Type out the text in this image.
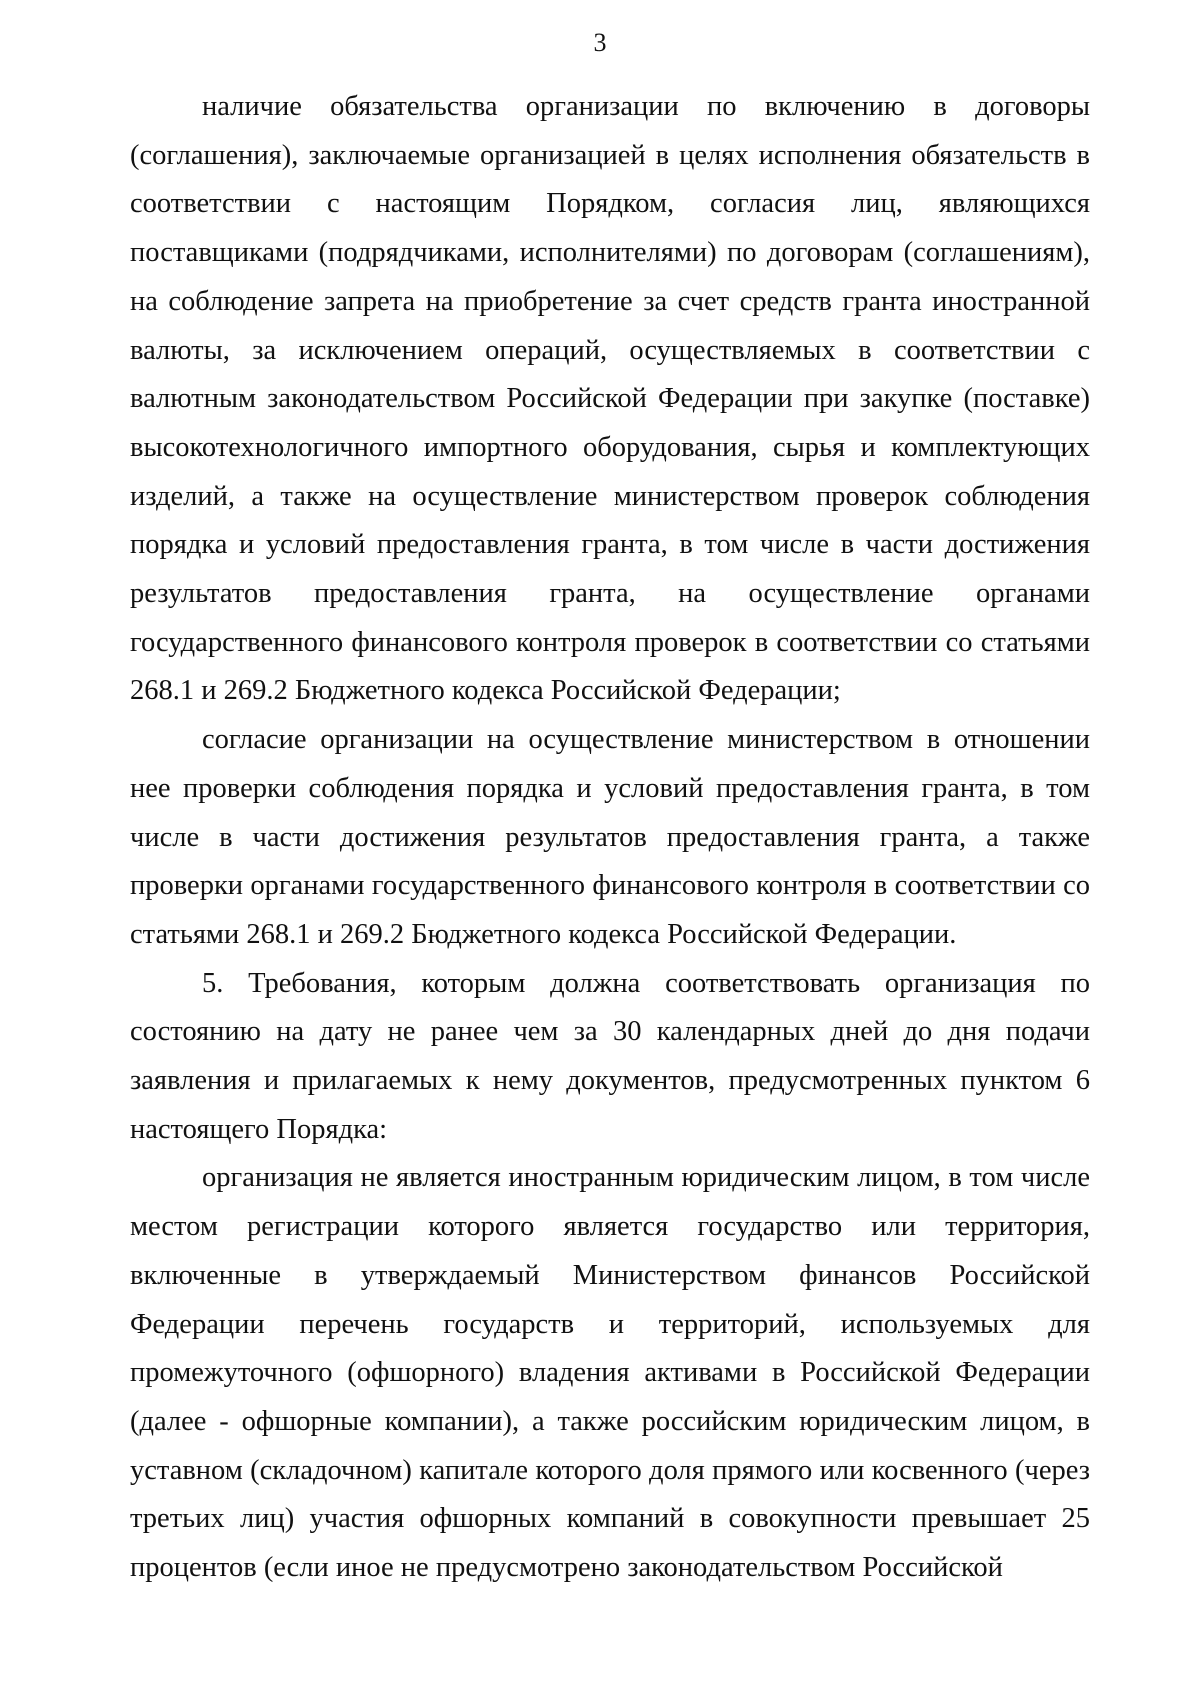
3

наличие обязательства организации по включению в договоры (соглашения), заключаемые организацией в целях исполнения обязательств в соответствии с настоящим Порядком, согласия лиц, являющихся поставщиками (подрядчиками, исполнителями) по договорам (соглашениям), на соблюдение запрета на приобретение за счет средств гранта иностранной валюты, за исключением операций, осуществляемых в соответствии с валютным законодательством Российской Федерации при закупке (поставке) высокотехнологичного импортного оборудования, сырья и комплектующих изделий, а также на осуществление министерством проверок соблюдения порядка и условий предоставления гранта, в том числе в части достижения результатов предоставления гранта, на осуществление органами государственного финансового контроля проверок в соответствии со статьями 268.1 и 269.2 Бюджетного кодекса Российской Федерации;

согласие организации на осуществление министерством в отношении нее проверки соблюдения порядка и условий предоставления гранта, в том числе в части достижения результатов предоставления гранта, а также проверки органами государственного финансового контроля в соответствии со статьями 268.1 и 269.2 Бюджетного кодекса Российской Федерации.

5. Требования, которым должна соответствовать организация по состоянию на дату не ранее чем за 30 календарных дней до дня подачи заявления и прилагаемых к нему документов, предусмотренных пунктом 6 настоящего Порядка:

организация не является иностранным юридическим лицом, в том числе местом регистрации которого является государство или территория, включенные в утверждаемый Министерством финансов Российской Федерации перечень государств и территорий, используемых для промежуточного (офшорного) владения активами в Российской Федерации (далее - офшорные компании), а также российским юридическим лицом, в уставном (складочном) капитале которого доля прямого или косвенного (через третьих лиц) участия офшорных компаний в совокупности превышает 25 процентов (если иное не предусмотрено законодательством Российской
